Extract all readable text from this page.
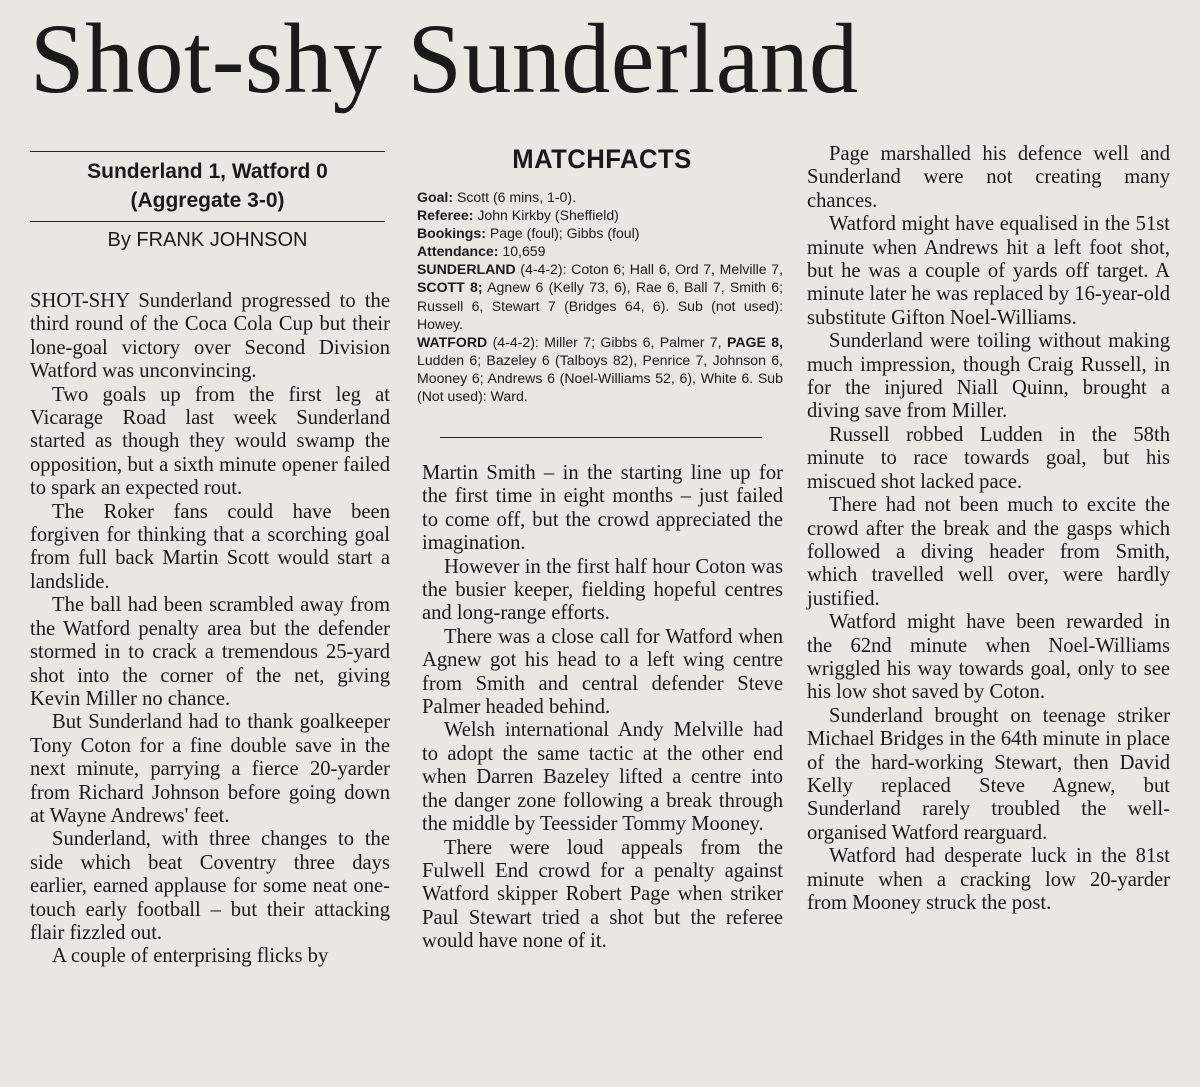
Shot-shy Sunderland
Sunderland 1, Watford 0
(Aggregate 3-0)
By FRANK JOHNSON

SHOT-SHY Sunderland progressed to the third round of the Coca Cola Cup but their lone-goal victory over Second Division Watford was unconvincing.

Two goals up from the first leg at Vicarage Road last week Sunderland started as though they would swamp the opposition, but a sixth minute opener failed to spark an expected rout.

The Roker fans could have been forgiven for thinking that a scorching goal from full back Martin Scott would start a landslide.

The ball had been scrambled away from the Watford penalty area but the defender stormed in to crack a tremendous 25-yard shot into the corner of the net, giving Kevin Miller no chance.

But Sunderland had to thank goalkeeper Tony Coton for a fine double save in the next minute, parrying a fierce 20-yarder from Richard Johnson before going down at Wayne Andrews' feet.

Sunderland, with three changes to the side which beat Coventry three days earlier, earned applause for some neat one-touch early football – but their attacking flair fizzled out.

A couple of enterprising flicks by

MATCHFACTS

Goal: Scott (6 mins, 1-0).

Referee: John Kirkby (Sheffield)

Bookings: Page (foul); Gibbs (foul)

Attendance: 10,659

SUNDERLAND (4-4-2): Coton 6; Hall 6, Ord 7, Melville 7, SCOTT 8; Agnew 6 (Kelly 73, 6), Rae 6, Ball 7, Smith 6; Russell 6, Stewart 7 (Bridges 64, 6). Sub (not used): Howey.

WATFORD (4-4-2): Miller 7; Gibbs 6, Palmer 7, PAGE 8, Ludden 6; Bazeley 6 (Talboys 82), Penrice 7, Johnson 6, Mooney 6; Andrews 6 (Noel-Williams 52, 6), White 6. Sub (Not used): Ward.

Martin Smith – in the starting line up for the first time in eight months – just failed to come off, but the crowd appreciated the imagination.

However in the first half hour Coton was the busier keeper, fielding hopeful centres and long-range efforts.

There was a close call for Watford when Agnew got his head to a left wing centre from Smith and central defender Steve Palmer headed behind.

Welsh international Andy Melville had to adopt the same tactic at the other end when Darren Bazeley lifted a centre into the danger zone following a break through the middle by Teessider Tommy Mooney.

There were loud appeals from the Fulwell End crowd for a penalty against Watford skipper Robert Page when striker Paul Stewart tried a shot but the referee would have none of it.

Page marshalled his defence well and Sunderland were not creating many chances.

Watford might have equalised in the 51st minute when Andrews hit a left foot shot, but he was a couple of yards off target. A minute later he was replaced by 16-year-old substitute Gifton Noel-Williams.

Sunderland were toiling without making much impression, though Craig Russell, in for the injured Niall Quinn, brought a diving save from Miller.

Russell robbed Ludden in the 58th minute to race towards goal, but his miscued shot lacked pace.

There had not been much to excite the crowd after the break and the gasps which followed a diving header from Smith, which travelled well over, were hardly justified.

Watford might have been rewarded in the 62nd minute when Noel-Williams wriggled his way towards goal, only to see his low shot saved by Coton.

Sunderland brought on teenage striker Michael Bridges in the 64th minute in place of the hard-working Stewart, then David Kelly replaced Steve Agnew, but Sunderland rarely troubled the well-organised Watford rearguard.

Watford had desperate luck in the 81st minute when a cracking low 20-yarder from Mooney struck the post.
